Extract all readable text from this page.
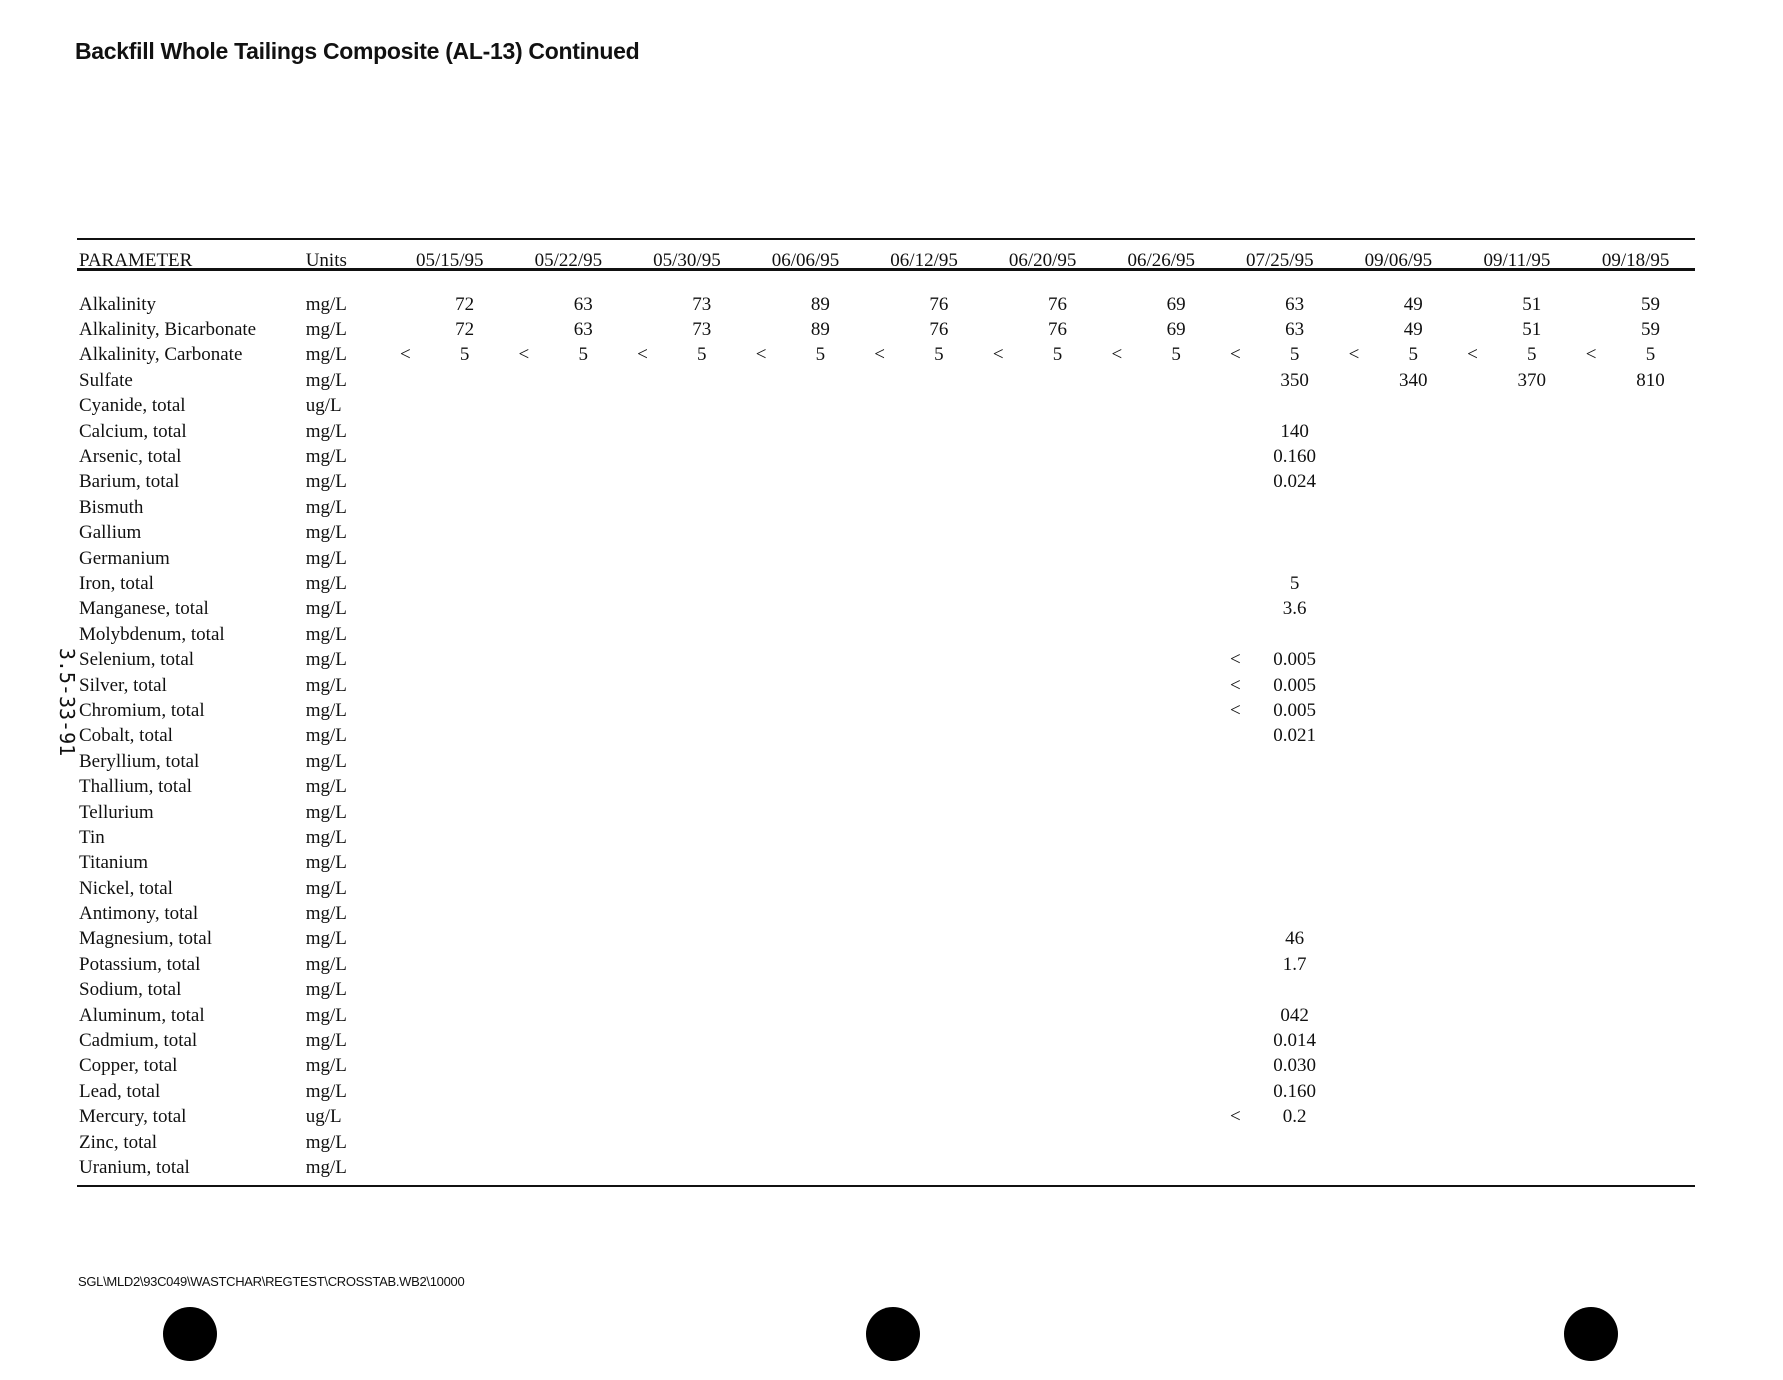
Backfill Whole Tailings Composite (AL-13) Continued
3.5-33-91
PARAMETER	Units	05/15/95		05/22/95		05/30/95		06/06/95		06/12/95		06/20/95		06/26/95		07/25/95		09/06/95		09/11/95		09/18/95	
Alkalinity	mg/L		72		63		73		89		76		76		69		63		49		51		59
Alkalinity, Bicarbonate	mg/L		72		63		73		89		76		76		69		63		49		51		59
Alkalinity, Carbonate	mg/L	<	5	<	5	<	5	<	5	<	5	<	5	<	5	<	5	<	5	<	5	<	5
Sulfate	mg/L																350		340		370		810
Cyanide, total	ug/L																						
Calcium, total	mg/L																140						
Arsenic, total	mg/L																0.160						
Barium, total	mg/L																0.024						
Bismuth	mg/L																						
Gallium	mg/L																						
Germanium	mg/L																						
Iron, total	mg/L																5						
Manganese, total	mg/L																3.6						
Molybdenum, total	mg/L																						
Selenium, total	mg/L															<	0.005						
Silver, total	mg/L															<	0.005						
Chromium, total	mg/L															<	0.005						
Cobalt, total	mg/L																0.021						
Beryllium, total	mg/L																						
Thallium, total	mg/L																						
Tellurium	mg/L																						
Tin	mg/L																						
Titanium	mg/L																						
Nickel, total	mg/L																						
Antimony, total	mg/L																						
Magnesium, total	mg/L																46						
Potassium, total	mg/L																1.7						
Sodium, total	mg/L																						
Aluminum, total	mg/L																042						
Cadmium, total	mg/L																0.014						
Copper, total	mg/L																0.030						
Lead, total	mg/L																0.160						
Mercury, total	ug/L															<	0.2						
Zinc, total	mg/L																						
Uranium, total	mg/L																						
SGL\MLD2\93C049\WASTCHAR\REGTEST\CROSSTAB.WB2\10000
